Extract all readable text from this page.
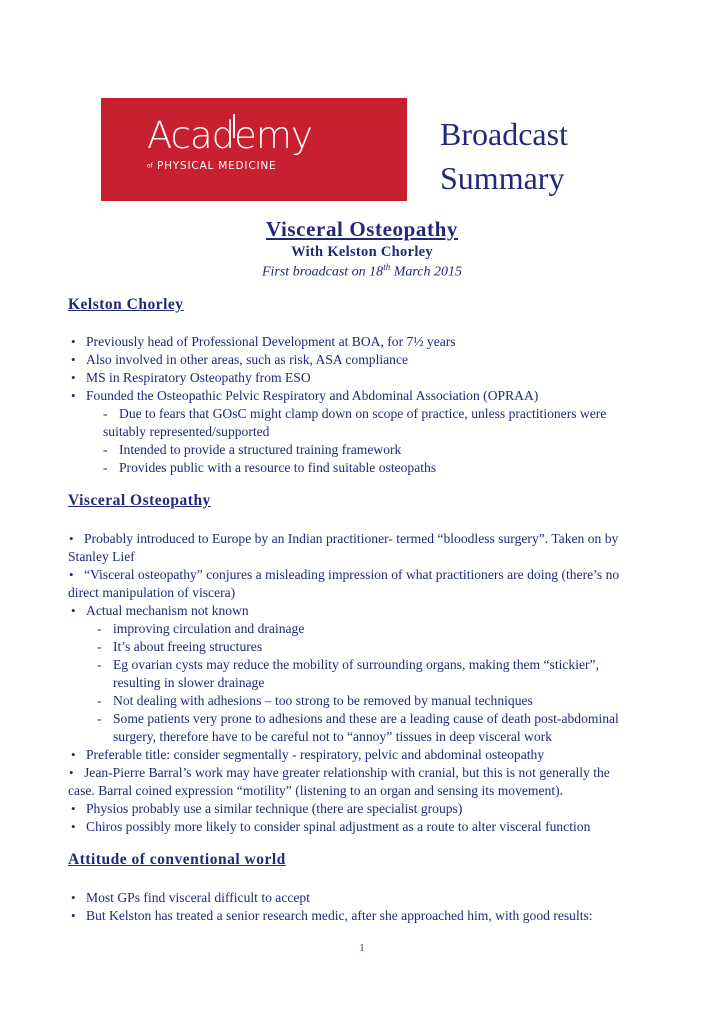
Academy
of PHYSICAL MEDICINE
Broadcast
Summary
Visceral Osteopathy
With Kelston Chorley
First broadcast on 18th March 2015
Kelston Chorley
• Previously head of Professional Development at BOA, for 7½ years
• Also involved in other areas, such as risk, ASA compliance
• MS in Respiratory Osteopathy from ESO
• Founded the Osteopathic Pelvic Respiratory and Abdominal Association (OPRAA)
- Due to fears that GOsC might clamp down on scope of practice, unless practitioners were
suitably represented/supported
- Intended to provide a structured training framework
- Provides public with a resource to find suitable osteopaths
Visceral Osteopathy
• Probably introduced to Europe by an Indian practitioner- termed “bloodless surgery”. Taken on by
Stanley Lief
• “Visceral osteopathy” conjures a misleading impression of what practitioners are doing (there’s no
direct manipulation of viscera)
• Actual mechanism not known
- improving circulation and drainage
- It’s about freeing structures
- Eg ovarian cysts may reduce the mobility of surrounding organs, making them “stickier”,
resulting in slower drainage
- Not dealing with adhesions – too strong to be removed by manual techniques
- Some patients very prone to adhesions and these are a leading cause of death post-abdominal
surgery, therefore have to be careful not to “annoy” tissues in deep visceral work
• Preferable title: consider segmentally - respiratory, pelvic and abdominal osteopathy
• Jean-Pierre Barral’s work may have greater relationship with cranial, but this is not generally the
case. Barral coined expression “motility” (listening to an organ and sensing its movement).
• Physios probably use a similar technique (there are specialist groups)
• Chiros possibly more likely to consider spinal adjustment as a route to alter visceral function
Attitude of conventional world
• Most GPs find visceral difficult to accept
• But Kelston has treated a senior research medic, after she approached him, with good results:
1
